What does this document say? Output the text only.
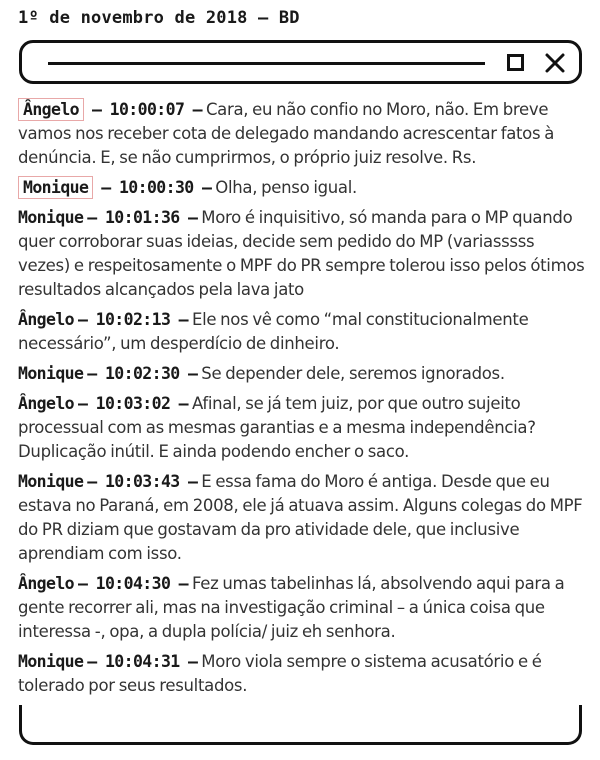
1º de novembro de 2018 – BD

Ângelo – 10:00:07 – Cara, eu não confio no Moro, não. Em breve vamos nos receber cota de delegado mandando acrescentar fatos à denúncia. E, se não cumprirmos, o próprio juiz resolve. Rs.

Monique – 10:00:30 – Olha, penso igual.

Monique – 10:01:36 – Moro é inquisitivo, só manda para o MP quando quer corroborar suas ideias, decide sem pedido do MP (variasssss vezes) e respeitosamente o MPF do PR sempre tolerou isso pelos ótimos resultados alcançados pela lava jato

Ângelo – 10:02:13 – Ele nos vê como “mal constitucionalmente necessário”, um desperdício de dinheiro.

Monique – 10:02:30 – Se depender dele, seremos ignorados.

Ângelo – 10:03:02 – Afinal, se já tem juiz, por que outro sujeito processual com as mesmas garantias e a mesma independência? Duplicação inútil. E ainda podendo encher o saco.

Monique – 10:03:43 – E essa fama do Moro é antiga. Desde que eu estava no Paraná, em 2008, ele já atuava assim. Alguns colegas do MPF do PR diziam que gostavam da pro atividade dele, que inclusive aprendiam com isso.

Ângelo – 10:04:30 – Fez umas tabelinhas lá, absolvendo aqui para a gente recorrer ali, mas na investigação criminal – a única coisa que interessa -, opa, a dupla polícia/ juiz eh senhora.

Monique – 10:04:31 – Moro viola sempre o sistema acusatório e é tolerado por seus resultados.
